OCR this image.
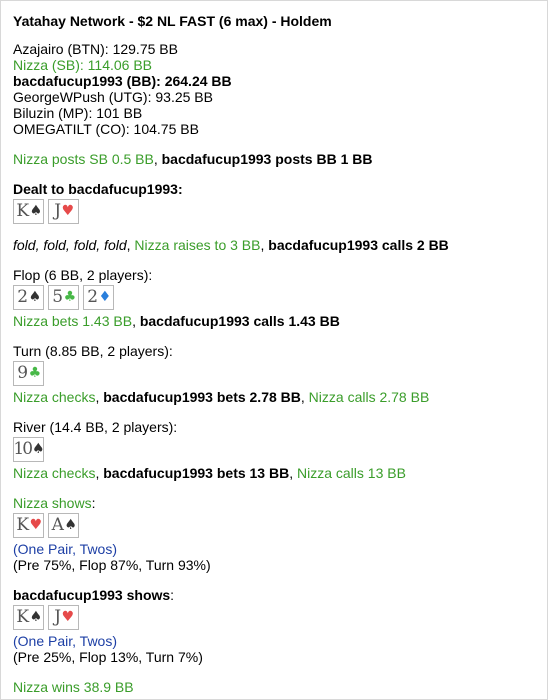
Yatahay Network - $2 NL FAST (6 max) - Holdem
Azajairo (BTN): 129.75 BB
Nizza (SB): 114.06 BB
bacdafucup1993 (BB): 264.24 BB
GeorgeWPush (UTG): 93.25 BB
Biluzin (MP): 101 BB
OMEGATILT (CO): 104.75 BB
Nizza posts SB 0.5 BB, bacdafucup1993 posts BB 1 BB
Dealt to bacdafucup1993:
K ♠ J ♥
fold, fold, fold, fold, Nizza raises to 3 BB, bacdafucup1993 calls 2 BB
Flop (6 BB, 2 players):
2 ♠ 5 ♣ 2 ♦
Nizza bets 1.43 BB, bacdafucup1993 calls 1.43 BB
Turn (8.85 BB, 2 players):
9 ♣
Nizza checks, bacdafucup1993 bets 2.78 BB, Nizza calls 2.78 BB
River (14.4 BB, 2 players):
10 ♠
Nizza checks, bacdafucup1993 bets 13 BB, Nizza calls 13 BB
Nizza shows:
K ♥ A ♠
(One Pair, Twos)
(Pre 75%, Flop 87%, Turn 93%)
bacdafucup1993 shows:
K ♠ J ♥
(One Pair, Twos)
(Pre 25%, Flop 13%, Turn 7%)
Nizza wins 38.9 BB
